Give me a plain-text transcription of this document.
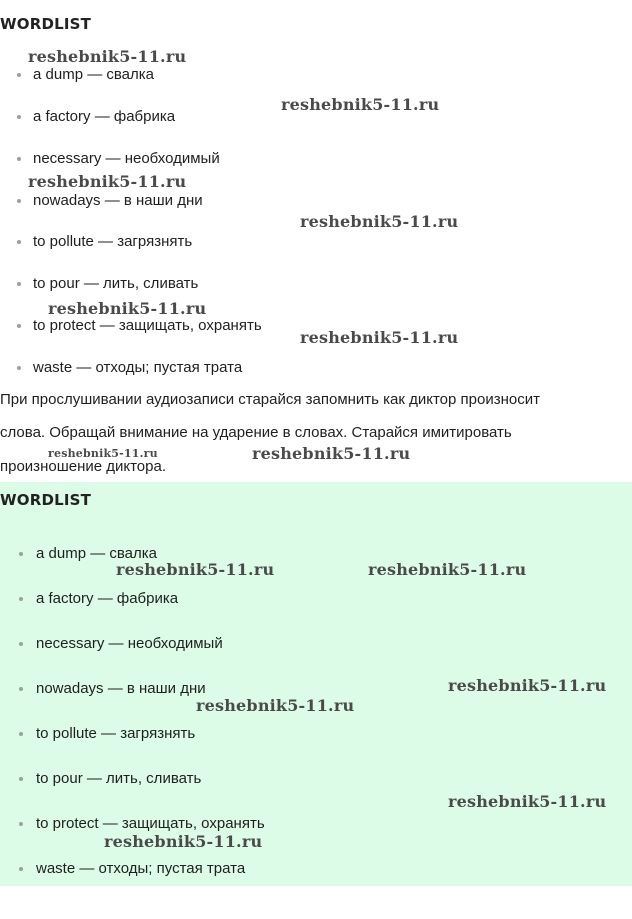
WORDLIST
a dump — свалка
a factory — фабрика
necessary — необходимый
nowadays — в наши дни
to pollute — загрязнять
to pour — лить, сливать
to protect — защищать, охранять
waste — отходы; пустая трата
При прослушивании аудиозаписи старайся запомнить как диктор произносит
слова. Обращай внимание на ударение в словах. Старайся имитировать
произношение диктора.
WORDLIST
a dump — свалка
a factory — фабрика
necessary — необходимый
nowadays — в наши дни
to pollute — загрязнять
to pour — лить, сливать
to protect — защищать, охранять
waste — отходы; пустая трата
reshebnik5-11.ru
reshebnik5-11.ru
reshebnik5-11.ru
reshebnik5-11.ru
reshebnik5-11.ru
reshebnik5-11.ru
reshebnik5-11.ru	reshebnik5-11.ru
reshebnik5-11.ru	reshebnik5-11.ru
reshebnik5-11.ru
reshebnik5-11.ru
reshebnik5-11.ru
reshebnik5-11.ru
